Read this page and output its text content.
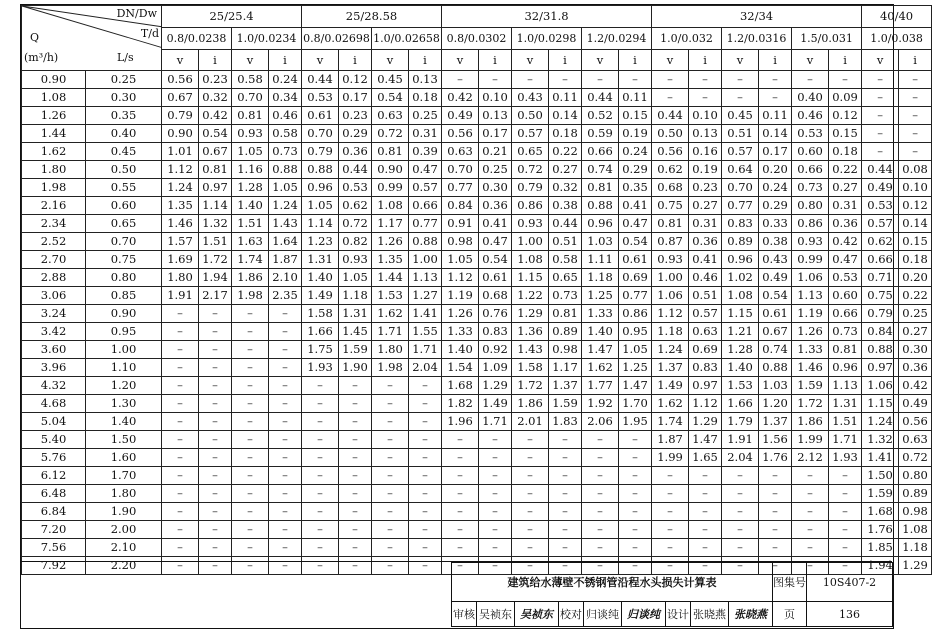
DN/Dw
T/d
Q
(m³/h) L/s		25/25.4				25/28.58				32/31.8						32/34						40/40	
		0.8/0.0238		1.0/0.0234		0.8/0.02698		1.0/0.02658		0.8/0.0302		1.0/0.0298		1.2/0.0294		1.0/0.032		1.2/0.0316		1.5/0.031		1.0/0.038	
		v	i	v	i	v	i	v	i	v	i	v	i	v	i	v	i	v	i	v	i	v	i
0.90	0.25	0.56	0.23	0.58	0.24	0.44	0.12	0.45	0.13	–	–	–	–	–	–	–	–	–	–	–	–	–	–
1.08	0.30	0.67	0.32	0.70	0.34	0.53	0.17	0.54	0.18	0.42	0.10	0.43	0.11	0.44	0.11	–	–	–	–	0.40	0.09	–	–
1.26	0.35	0.79	0.42	0.81	0.46	0.61	0.23	0.63	0.25	0.49	0.13	0.50	0.14	0.52	0.15	0.44	0.10	0.45	0.11	0.46	0.12	–	–
1.44	0.40	0.90	0.54	0.93	0.58	0.70	0.29	0.72	0.31	0.56	0.17	0.57	0.18	0.59	0.19	0.50	0.13	0.51	0.14	0.53	0.15	–	–
1.62	0.45	1.01	0.67	1.05	0.73	0.79	0.36	0.81	0.39	0.63	0.21	0.65	0.22	0.66	0.24	0.56	0.16	0.57	0.17	0.60	0.18	–	–
1.80	0.50	1.12	0.81	1.16	0.88	0.88	0.44	0.90	0.47	0.70	0.25	0.72	0.27	0.74	0.29	0.62	0.19	0.64	0.20	0.66	0.22	0.44	0.08
1.98	0.55	1.24	0.97	1.28	1.05	0.96	0.53	0.99	0.57	0.77	0.30	0.79	0.32	0.81	0.35	0.68	0.23	0.70	0.24	0.73	0.27	0.49	0.10
2.16	0.60	1.35	1.14	1.40	1.24	1.05	0.62	1.08	0.66	0.84	0.36	0.86	0.38	0.88	0.41	0.75	0.27	0.77	0.29	0.80	0.31	0.53	0.12
2.34	0.65	1.46	1.32	1.51	1.43	1.14	0.72	1.17	0.77	0.91	0.41	0.93	0.44	0.96	0.47	0.81	0.31	0.83	0.33	0.86	0.36	0.57	0.14
2.52	0.70	1.57	1.51	1.63	1.64	1.23	0.82	1.26	0.88	0.98	0.47	1.00	0.51	1.03	0.54	0.87	0.36	0.89	0.38	0.93	0.42	0.62	0.15
2.70	0.75	1.69	1.72	1.74	1.87	1.31	0.93	1.35	1.00	1.05	0.54	1.08	0.58	1.11	0.61	0.93	0.41	0.96	0.43	0.99	0.47	0.66	0.18
2.88	0.80	1.80	1.94	1.86	2.10	1.40	1.05	1.44	1.13	1.12	0.61	1.15	0.65	1.18	0.69	1.00	0.46	1.02	0.49	1.06	0.53	0.71	0.20
3.06	0.85	1.91	2.17	1.98	2.35	1.49	1.18	1.53	1.27	1.19	0.68	1.22	0.73	1.25	0.77	1.06	0.51	1.08	0.54	1.13	0.60	0.75	0.22
3.24	0.90	–	–	–	–	1.58	1.31	1.62	1.41	1.26	0.76	1.29	0.81	1.33	0.86	1.12	0.57	1.15	0.61	1.19	0.66	0.79	0.25
3.42	0.95	–	–	–	–	1.66	1.45	1.71	1.55	1.33	0.83	1.36	0.89	1.40	0.95	1.18	0.63	1.21	0.67	1.26	0.73	0.84	0.27
3.60	1.00	–	–	–	–	1.75	1.59	1.80	1.71	1.40	0.92	1.43	0.98	1.47	1.05	1.24	0.69	1.28	0.74	1.33	0.81	0.88	0.30
3.96	1.10	–	–	–	–	1.93	1.90	1.98	2.04	1.54	1.09	1.58	1.17	1.62	1.25	1.37	0.83	1.40	0.88	1.46	0.96	0.97	0.36
4.32	1.20	–	–	–	–	–	–	–	–	1.68	1.29	1.72	1.37	1.77	1.47	1.49	0.97	1.53	1.03	1.59	1.13	1.06	0.42
4.68	1.30	–	–	–	–	–	–	–	–	1.82	1.49	1.86	1.59	1.92	1.70	1.62	1.12	1.66	1.20	1.72	1.31	1.15	0.49
5.04	1.40	–	–	–	–	–	–	–	–	1.96	1.71	2.01	1.83	2.06	1.95	1.74	1.29	1.79	1.37	1.86	1.51	1.24	0.56
5.40	1.50	–	–	–	–	–	–	–	–	–	–	–	–	–	–	1.87	1.47	1.91	1.56	1.99	1.71	1.32	0.63
5.76	1.60	–	–	–	–	–	–	–	–	–	–	–	–	–	–	1.99	1.65	2.04	1.76	2.12	1.93	1.41	0.72
6.12	1.70	–	–	–	–	–	–	–	–	–	–	–	–	–	–	–	–	–	–	–	–	1.50	0.80
6.48	1.80	–	–	–	–	–	–	–	–	–	–	–	–	–	–	–	–	–	–	–	–	1.59	0.89
6.84	1.90	–	–	–	–	–	–	–	–	–	–	–	–	–	–	–	–	–	–	–	–	1.68	0.98
7.20	2.00	–	–	–	–	–	–	–	–	–	–	–	–	–	–	–	–	–	–	–	–	1.76	1.08
7.56	2.10	–	–	–	–	–	–	–	–	–	–	–	–	–	–	–	–	–	–	–	–	1.85	1.18
7.92	2.20	–	–	–	–	–	–	–	–	–	–	–	–	–	–	–	–	–	–	–	–	1.94	1.29
建筑给水薄壁不锈钢管沿程水头损失计算表									图集号	10S407-2
审核	吴祯东	吴祯东	校对	归谈纯	归谈纯	设计	张晓燕	张晓燕	页	136
